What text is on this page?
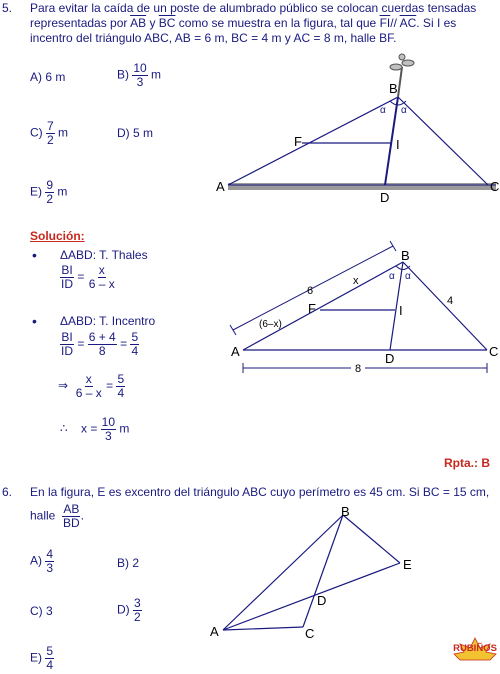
5. Para evitar la caída de un poste de alumbrado público se colocan cuerdas tensadas
representadas por $\overline{AB}$ y $\overline{BC}$ como se muestra en la figura, tal que $\overline{FI}//$ $\overline{AC}$. Si I es
incentro del triángulo ABC, AB = 6 m, BC = 4 m y AC = 8 m, halle BF.
A) 6 m	$B) \frac{10}{3}$ m
$C) \frac{7}{2}$ m	D) 5 m
$E) \frac{9}{2}$ m
B
α α
F	I
A
D
C
Solución:
• ΔABD: T. Thales
$\frac{BI}{ID} = \frac{x}{6 - x}$
• ΔABD: T. Incentro
$\frac{BI}{ID} = \frac{6 + 4}{8} = \frac{5}{4}$
⇒ $\frac{x}{6 - x} = \frac{5}{4}$
∴ $x = \frac{10}{3}$ m
8
B
α α
6
x
F	I
(6–x)
4
A	D	C
Rpta.: B
6. En la figura, E es excentro del triángulo ABC cuyo perímetro es 45 cm. Si BC = 15 cm,
halle $\frac{AB}{BD}$ .
$A) \frac{4}{3}$	B) 2
C) 3	$D) \frac{3}{2}$
$E) \frac{5}{4}$
B
E
D
A	C
RUBIÑOS
